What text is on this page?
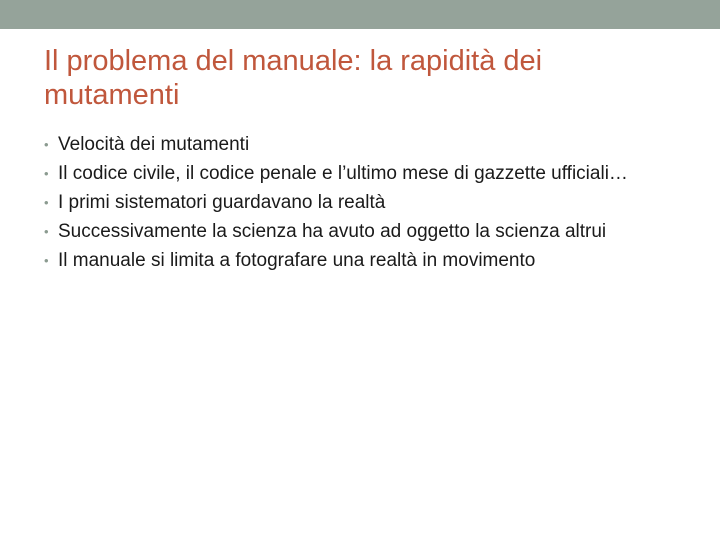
Il problema del manuale: la rapidità dei mutamenti
• Velocità dei mutamenti
• Il codice civile, il codice penale e l’ultimo mese di gazzette ufficiali…
• I primi sistematori guardavano la realtà
• Successivamente la scienza ha avuto ad oggetto la scienza altrui
• Il manuale si limita a fotografare una realtà in movimento
